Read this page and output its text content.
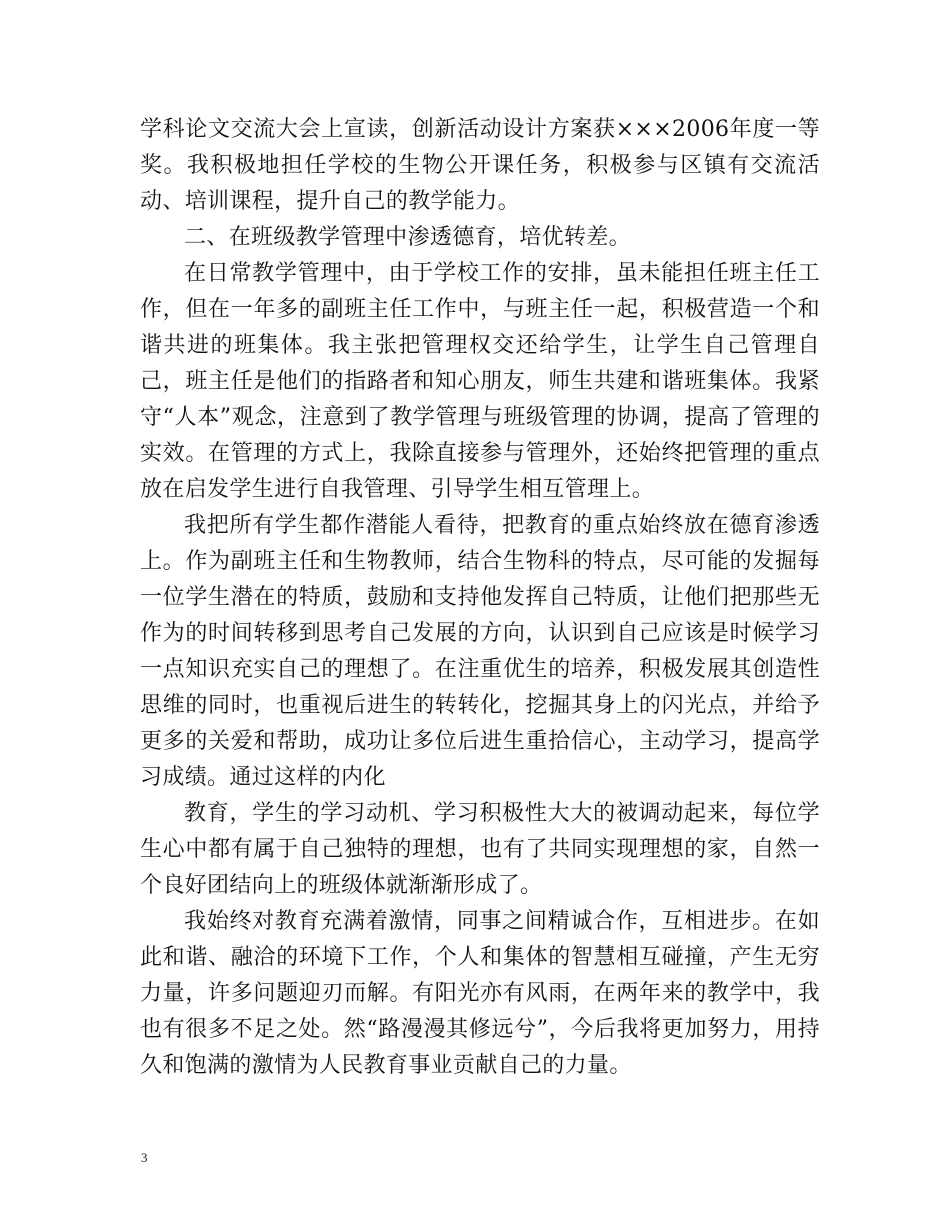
学科论文交流大会上宣读，创新活动设计方案获×××2006年度一等奖。我积极地担任学校的生物公开课任务，积极参与区镇有交流活动、培训课程，提升自己的教学能力。

二、在班级教学管理中渗透德育，培优转差。

在日常教学管理中，由于学校工作的安排，虽未能担任班主任工作，但在一年多的副班主任工作中，与班主任一起，积极营造一个和谐共进的班集体。我主张把管理权交还给学生，让学生自己管理自己，班主任是他们的指路者和知心朋友，师生共建和谐班集体。我紧守“人本”观念，注意到了教学管理与班级管理的协调，提高了管理的实效。在管理的方式上，我除直接参与管理外，还始终把管理的重点放在启发学生进行自我管理、引导学生相互管理上。

我把所有学生都作潜能人看待，把教育的重点始终放在德育渗透上。作为副班主任和生物教师，结合生物科的特点，尽可能的发掘每一位学生潜在的特质，鼓励和支持他发挥自己特质，让他们把那些无作为的时间转移到思考自己发展的方向，认识到自己应该是时候学习一点知识充实自己的理想了。在注重优生的培养，积极发展其创造性思维的同时，也重视后进生的转转化，挖掘其身上的闪光点，并给予更多的关爱和帮助，成功让多位后进生重拾信心，主动学习，提高学习成绩。通过这样的内化

教育，学生的学习动机、学习积极性大大的被调动起来，每位学生心中都有属于自己独特的理想，也有了共同实现理想的家，自然一个良好团结向上的班级体就渐渐形成了。

我始终对教育充满着激情，同事之间精诚合作，互相进步。在如此和谐、融洽的环境下工作，个人和集体的智慧相互碰撞，产生无穷力量，许多问题迎刃而解。有阳光亦有风雨，在两年来的教学中，我也有很多不足之处。然“路漫漫其修远兮”，今后我将更加努力，用持久和饱满的激情为人民教育事业贡献自己的力量。

3
